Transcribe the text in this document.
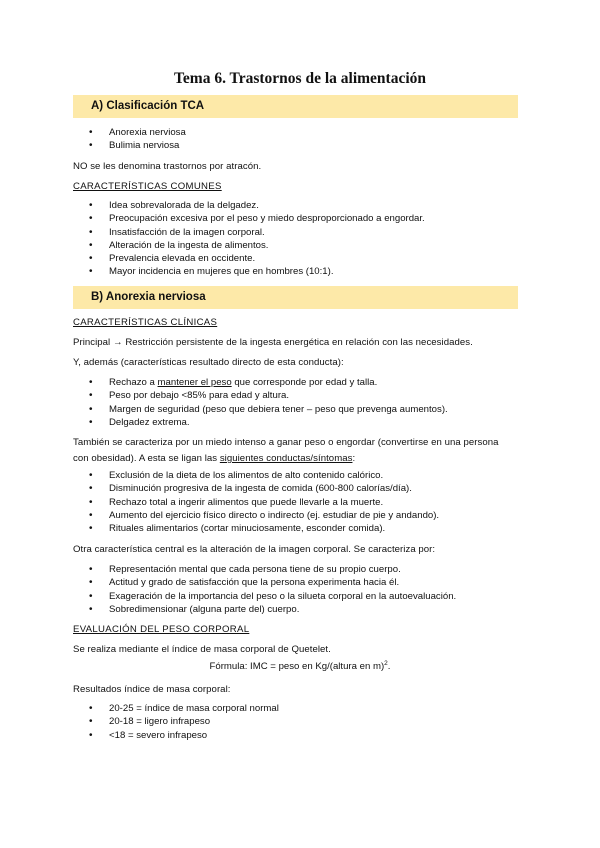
Tema 6. Trastornos de la alimentación
A) Clasificación TCA
• Anorexia nerviosa
• Bulimia nerviosa
NO se les denomina trastornos por atracón.
CARACTERÍSTICAS COMUNES
• Idea sobrevalorada de la delgadez.
• Preocupación excesiva por el peso y miedo desproporcionado a engordar.
• Insatisfacción de la imagen corporal.
• Alteración de la ingesta de alimentos.
• Prevalencia elevada en occidente.
• Mayor incidencia en mujeres que en hombres (10:1).
B) Anorexia nerviosa
CARACTERÍSTICAS CLÍNICAS
Principal → Restricción persistente de la ingesta energética en relación con las necesidades.
Y, además (características resultado directo de esta conducta):
• Rechazo a mantener el peso que corresponde por edad y talla.
• Peso por debajo <85% para edad y altura.
• Margen de seguridad (peso que debiera tener – peso que prevenga aumentos).
• Delgadez extrema.
También se caracteriza por un miedo intenso a ganar peso o engordar (convertirse en una persona
con obesidad). A esta se ligan las siguientes conductas/síntomas:
• Exclusión de la dieta de los alimentos de alto contenido calórico.
• Disminución progresiva de la ingesta de comida (600-800 calorías/día).
• Rechazo total a ingerir alimentos que puede llevarle a la muerte.
• Aumento del ejercicio físico directo o indirecto (ej. estudiar de pie y andando).
• Rituales alimentarios (cortar minuciosamente, esconder comida).
Otra característica central es la alteración de la imagen corporal. Se caracteriza por:
• Representación mental que cada persona tiene de su propio cuerpo.
• Actitud y grado de satisfacción que la persona experimenta hacia él.
• Exageración de la importancia del peso o la silueta corporal en la autoevaluación.
• Sobredimensionar (alguna parte del) cuerpo.
EVALUACIÓN DEL PESO CORPORAL
Se realiza mediante el índice de masa corporal de Quetelet.
Fórmula: IMC = peso en Kg/(altura en m)$^2$.
Resultados índice de masa corporal:
• 20-25 = índice de masa corporal normal
• 20-18 = ligero infrapeso
• <18 = severo infrapeso
